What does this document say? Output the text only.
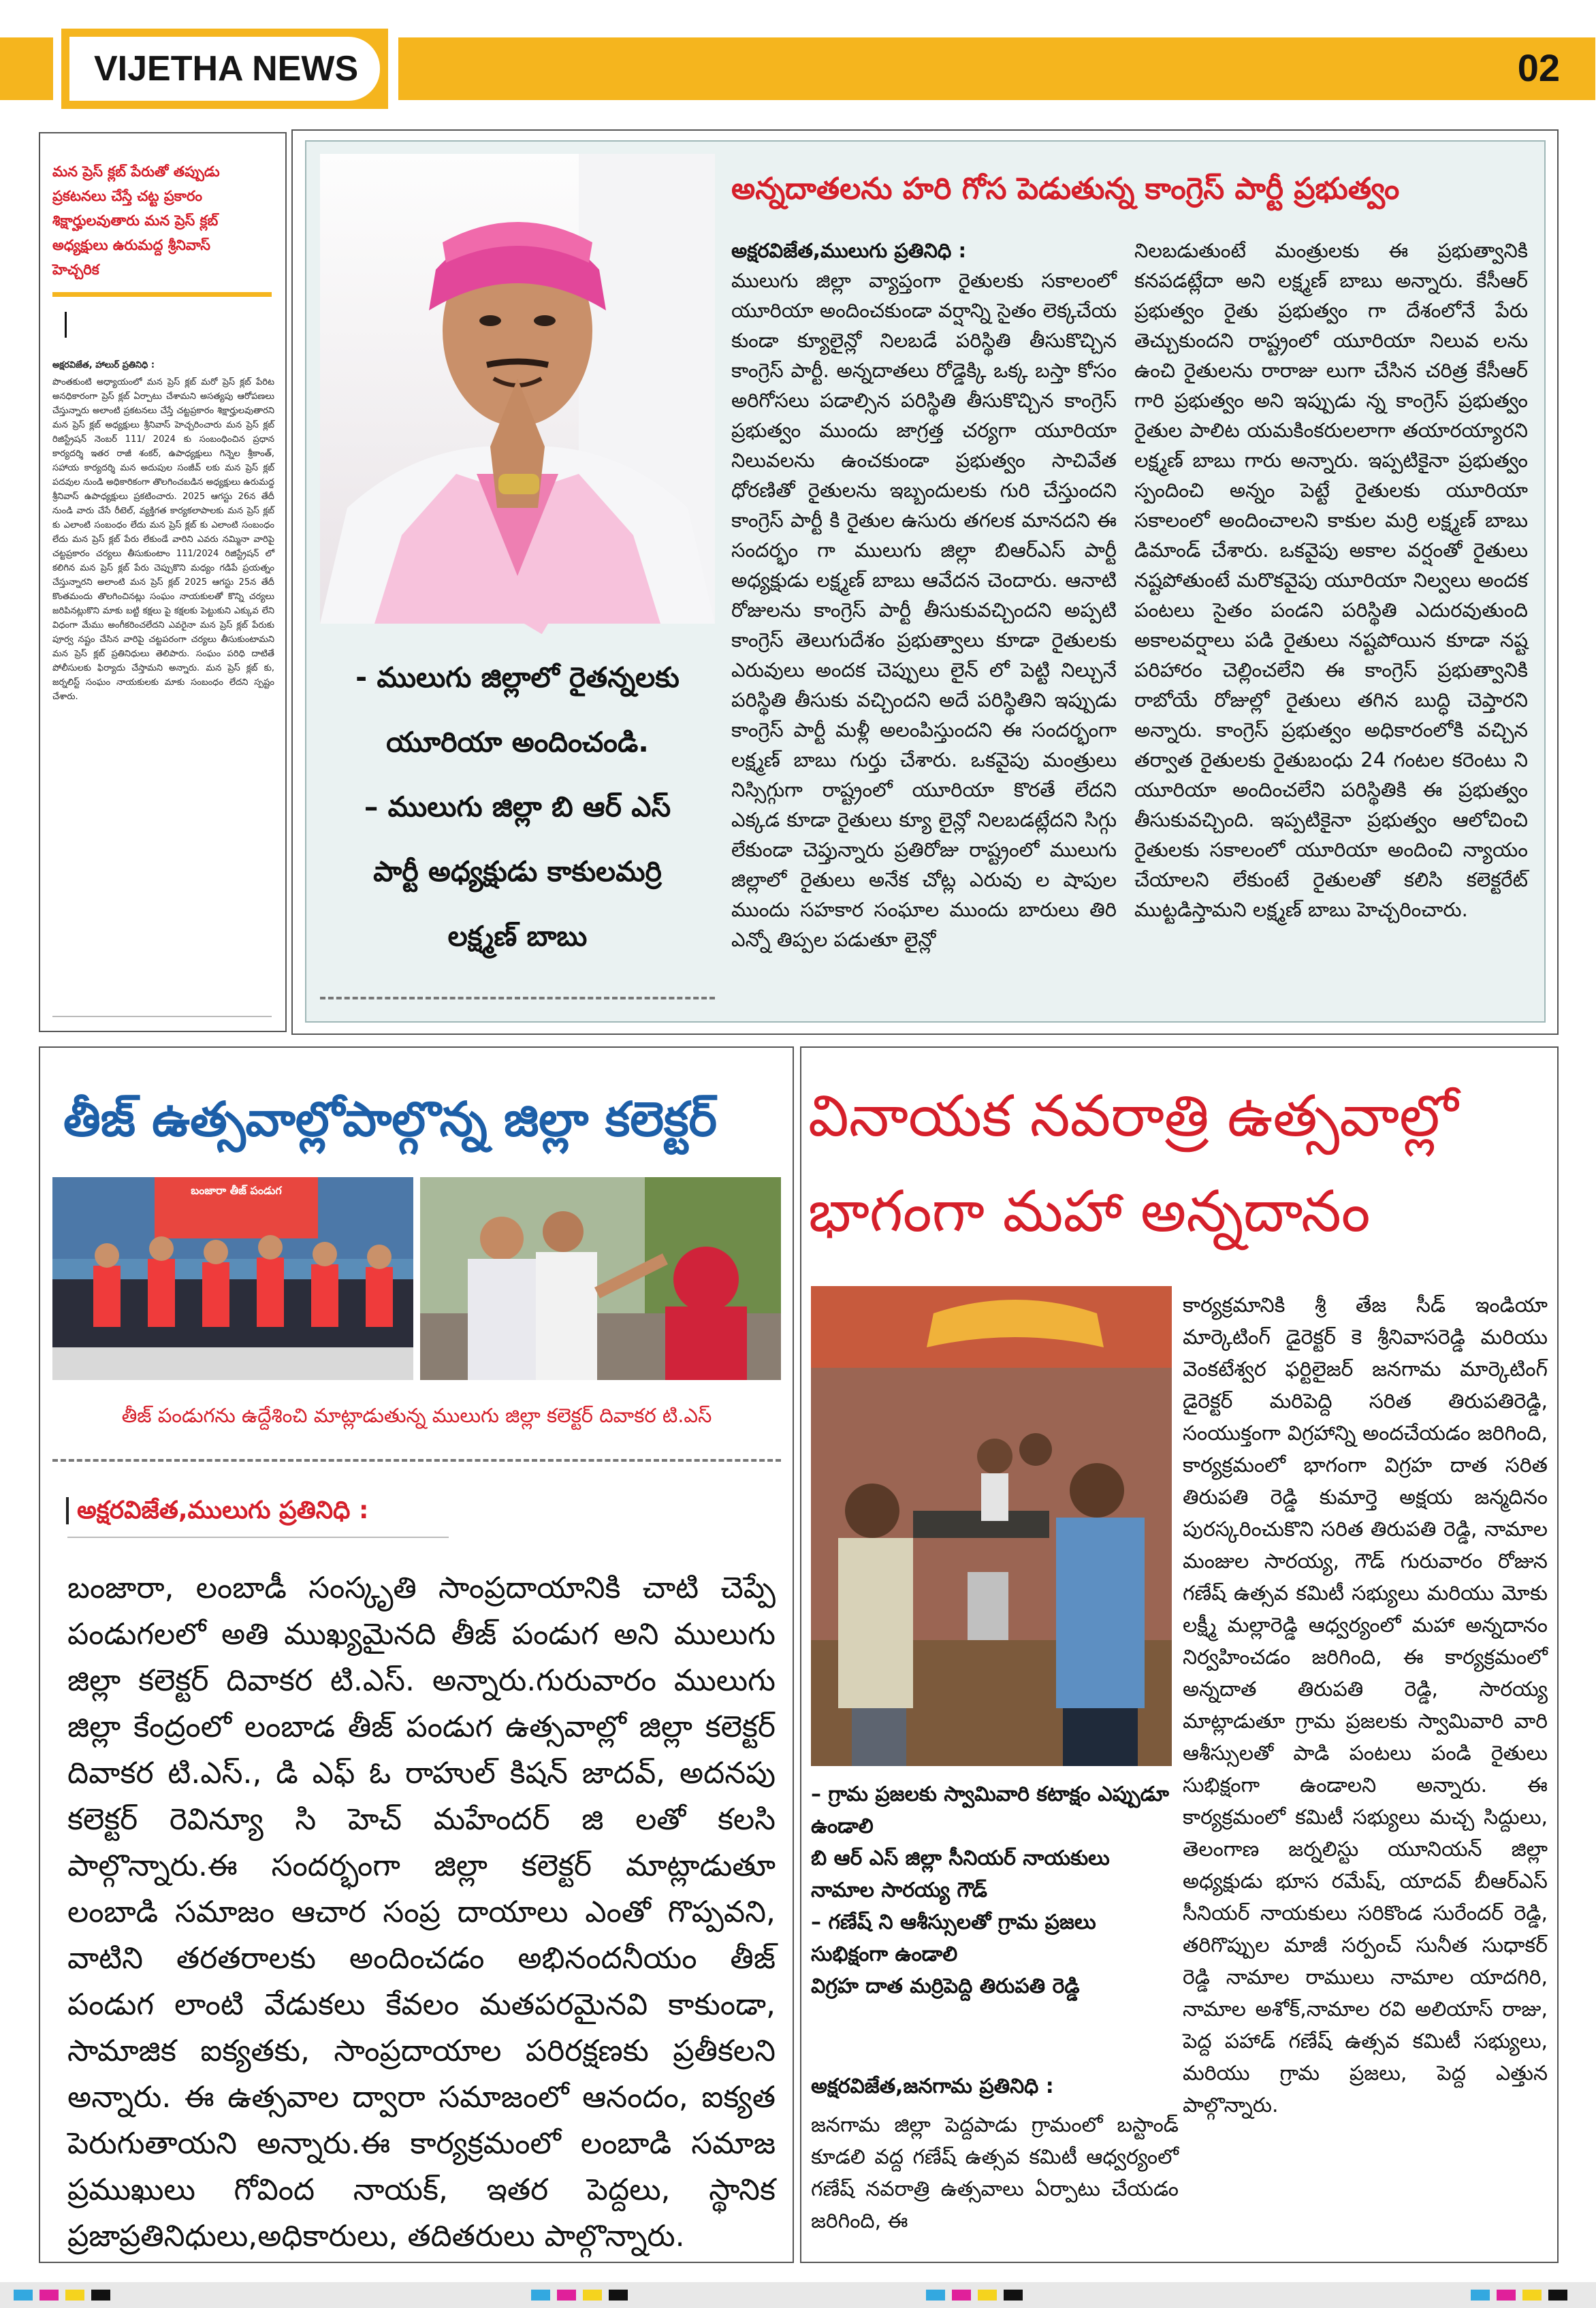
VIJETHA NEWS	02
మన ప్రెస్ క్లబ్ పేరుతో తప్పుడు ప్రకటనలు చేస్తే చట్ట ప్రకారం శిక్షార్హులవుతారు మన ప్రెస్ క్లబ్ అధ్యక్షులు ఉరుమద్ద శ్రీనివాస్ హెచ్చరిక
అక్షరవిజేత, హాలుర్ ప్రతినిధి :
పొంతకుంటి అధ్యాయంలో మన ప్రెస్ క్లబ్ మరో ప్రెస్ క్లబ్ పేరిట అనధికారంగా ప్రెస్ క్లబ్ ఏర్పాటు చేశామని అసత్యపు ఆరోపణలు చేస్తున్నారు అలాంటి ప్రకటనలు చేస్తే చట్టప్రకారం శిక్షార్హులవుతారని మన ప్రెస్ క్లబ్ అధ్యక్షులు శ్రీనివాస్ హెచ్చరించారు మన ప్రెస్ క్లబ్ రిజిస్ట్రేషన్ నెంబర్ 111/ 2024 కు సంబంధించిన ప్రధాన కార్యదర్శి ఇతర రాజీ శంకర్, ఉపాధ్యక్షులు గిన్నెల శ్రీకాంత్, సహాయ కార్యదర్శి మన అదుపుల సంజీవ్ లకు మన ప్రెస్ క్లబ్ పదవుల నుండి అధికారికంగా తొలగించబడిన అధ్యక్షులు ఉరుమద్ద శ్రీనివాస్ ఉపాధ్యక్షులు ప్రకటించారు. 2025 ఆగస్టు 26న తేదీ నుండి వారు చేసే రీటెల్, వ్యక్తిగత కార్యకలాపాలకు మన ప్రెస్ క్లబ్ కు ఎలాంటి సంబంధం లేదు మన ప్రెస్ క్లబ్ కు ఎలాంటి సంబంధం లేదు మన ప్రెస్ క్లబ్ పేరు లేకుండే వారిని ఎవరు నమ్మినా వారిపై చట్టప్రకారం చర్యలు తీసుకుంటాం 111/2024 రిజిస్ట్రేషన్ లో కలిగిన మన ప్రెస్ క్లబ్ పేరు చెప్పుకొని మధ్యం గడిపే ప్రయత్నం చేస్తున్నారని అలాంటి మన ప్రెస్ క్లబ్ 2025 ఆగస్టు 25న తేదీ కొంతమందు తొలగించినట్లు సంఘం నాయకులతో కొన్ని చర్యలు జరిపినట్లుకొని మాకు బట్టి కక్షలు పై కక్షలకు పెట్టుకుని ఎక్కువ లేని విధంగా మేము అంగీకరించలేదని ఎవరైనా మన ప్రెస్ క్లబ్ పేరుకు పూర్వ నష్టం చేసిన వారిపై చట్టపరంగా చర్యలు తీసుకుంటామని మన ప్రెస్ క్లబ్ ప్రతినిధులు తెలిపారు. సంఘం పరిధి దాటితే పోలీసులకు ఫిర్యాదు చేస్తామని అన్నారు. మన ప్రెస్ క్లబ్ కు, జర్నలిస్ట్ సంఘం నాయకులకు మాకు సంబంధం లేదని స్పష్టం చేశారు.
- ములుగు జిల్లాలో రైతన్నలకు
యూరియా అందించండి.
– ములుగు జిల్లా బి ఆర్ ఎస్
పార్టీ అధ్యక్షుడు కాకులమర్రి
లక్ష్మణ్ బాబు
అన్నదాతలను హరి గోస పెడుతున్న కాంగ్రెస్ పార్టీ ప్రభుత్వం
అక్షరవిజేత,ములుగు ప్రతినిధి :
ములుగు జిల్లా వ్యాప్తంగా రైతులకు సకాలంలో యూరియా అందించకుండా వర్షాన్ని సైతం లెక్కచేయ కుండా క్యూలైన్లో నిలబడే పరిస్థితి తీసుకొచ్చిన కాంగ్రెస్ పార్టీ. అన్నదాతలు రోడ్డెక్కి ఒక్క బస్తా కోసం అరిగోసలు పడాల్సిన పరిస్థితి తీసుకొచ్చిన కాంగ్రెస్ ప్రభుత్వం ముందు జాగ్రత్త చర్యగా యూరియా నిలువలను ఉంచకుండా ప్రభుత్వం సాచివేత ధోరణితో రైతులను ఇబ్బందులకు గురి చేస్తుందని కాంగ్రెస్ పార్టీ కి రైతుల ఉసురు తగలక మానదని ఈ సందర్భం గా ములుగు జిల్లా బిఆర్ఎస్ పార్టీ అధ్యక్షుడు లక్ష్మణ్ బాబు ఆవేదన చెందారు. ఆనాటి రోజులను కాంగ్రెస్ పార్టీ తీసుకువచ్చిందని అప్పటి కాంగ్రెస్ తెలుగుదేశం ప్రభుత్వాలు కూడా రైతులకు ఎరువులు అందక చెప్పులు లైన్ లో పెట్టి నిల్చునే పరిస్థితి తీసుకు వచ్చిందని అదే పరిస్థితిని ఇప్పుడు కాంగ్రెస్ పార్టీ మళ్లీ అలంపిస్తుందని ఈ సందర్భంగా లక్ష్మణ్ బాబు గుర్తు చేశారు. ఒకవైపు మంత్రులు నిస్సిగ్గుగా రాష్ట్రంలో యూరియా కొరతే లేదని ఎక్కడ కూడా రైతులు క్యూ లైన్లో నిలబడట్లేదని సిగ్గు లేకుండా చెప్తున్నారు ప్రతిరోజు రాష్ట్రంలో ములుగు జిల్లాలో రైతులు అనేక చోట్ల ఎరువు ల షాపుల ముందు సహకార సంఘాల ముందు బారులు తిరి ఎన్నో తిప్పల పడుతూ లైన్లో
నిలబడుతుంటే మంత్రులకు ఈ ప్రభుత్వానికి కనపడట్లేదా అని లక్ష్మణ్ బాబు అన్నారు. కేసీఆర్ ప్రభుత్వం రైతు ప్రభుత్వం గా దేశంలోనే పేరు తెచ్చుకుందని రాష్ట్రంలో యూరియా నిలువ లను ఉంచి రైతులను రారాజు లుగా చేసిన చరిత్ర కేసీఆర్ గారి ప్రభుత్వం అని ఇప్పుడు న్న కాంగ్రెస్ ప్రభుత్వం రైతుల పాలిట యమకింకరులలాగా తయారయ్యారని లక్ష్మణ్ బాబు గారు అన్నారు. ఇప్పటికైనా ప్రభుత్వం స్పందించి అన్నం పెట్టే రైతులకు యూరియా సకాలంలో అందించాలని కాకుల మర్రి లక్ష్మణ్ బాబు డిమాండ్ చేశారు. ఒకవైపు అకాల వర్షంతో రైతులు నష్టపోతుంటే మరొకవైపు యూరియా నిల్వలు అందక పంటలు సైతం పండని పరిస్థితి ఎదురవుతుంది అకాలవర్షాలు పడి రైతులు నష్టపోయిన కూడా నష్ట పరిహారం చెల్లించలేని ఈ కాంగ్రెస్ ప్రభుత్వానికి రాబోయే రోజుల్లో రైతులు తగిన బుద్ధి చెప్తారని అన్నారు. కాంగ్రెస్ ప్రభుత్వం అధికారంలోకి వచ్చిన తర్వాత రైతులకు రైతుబంధు 24 గంటల కరెంటు ని యూరియా అందించలేని పరిస్థితికి ఈ ప్రభుత్వం తీసుకువచ్చింది. ఇప్పటికైనా ప్రభుత్వం ఆలోచించి రైతులకు సకాలంలో యూరియా అందించి న్యాయం చేయాలని లేకుంటే రైతులతో కలిసి కలెక్టరేట్ ముట్టడిస్తామని లక్ష్మణ్ బాబు హెచ్చరించారు.
తీజ్ ఉత్సవాల్లోపాల్గొన్న జిల్లా కలెక్టర్
బంజారా తీజ్ పండుగ
తీజ్ పండుగను ఉద్దేశించి మాట్లాడుతున్న ములుగు జిల్లా కలెక్టర్ దివాకర టి.ఎస్
అక్షరవిజేత,ములుగు ప్రతినిధి :
బంజారా, లంబాడీ సంస్కృతి సాంప్రదాయానికి చాటి చెప్పే పండుగలలో అతి ముఖ్యమైనది తీజ్ పండుగ అని ములుగు జిల్లా కలెక్టర్ దివాకర టి.ఎస్. అన్నారు.గురువారం ములుగు జిల్లా కేంద్రంలో లంబాడ తీజ్ పండుగ ఉత్సవాల్లో జిల్లా కలెక్టర్ దివాకర టి.ఎస్., డి ఎఫ్ ఓ రాహుల్ కిషన్ జాదవ్, అదనపు కలెక్టర్ రెవిన్యూ సి హెచ్ మహేందర్ జి లతో కలసి పాల్గొన్నారు.ఈ సందర్భంగా జిల్లా కలెక్టర్ మాట్లాడుతూ లంబాడి సమాజం ఆచార సంప్ర దాయాలు ఎంతో గొప్పవని, వాటిని తరతరాలకు అందించడం అభినందనీయం తీజ్ పండుగ లాంటి వేడుకలు కేవలం మతపరమైనవి కాకుండా, సామాజిక ఐక్యతకు, సాంప్రదాయాల పరిరక్షణకు ప్రతీకలని అన్నారు. ఈ ఉత్సవాల ద్వారా సమాజంలో ఆనందం, ఐక్యత పెరుగుతాయని అన్నారు.ఈ కార్యక్రమంలో లంబాడి సమాజ ప్రముఖులు గోవింద నాయక్, ఇతర పెద్దలు, స్థానిక ప్రజాప్రతినిధులు,అధికారులు, తదితరులు పాల్గొన్నారు.
వినాయక నవరాత్రి ఉత్సవాల్లో
భాగంగా మహా అన్నదానం
– గ్రామ ప్రజలకు స్వామివారి కటాక్షం ఎప్పుడూ ఉండాలి
బి ఆర్ ఎస్ జిల్లా సీనియర్ నాయకులు నామాల సారయ్య గౌడ్
– గణేష్ ని ఆశీస్సులతో గ్రామ ప్రజలు సుభిక్షంగా ఉండాలి
విగ్రహ దాత మర్రిపెద్ది తిరుపతి రెడ్డి
అక్షరవిజేత,జనగామ ప్రతినిధి :
జనగామ జిల్లా పెద్దపాడు గ్రామంలో బస్టాండ్ కూడలి వద్ద గణేష్ ఉత్సవ కమిటీ ఆధ్వర్యంలో గణేష్ నవరాత్రి ఉత్సవాలు ఏర్పాటు చేయడం జరిగింది, ఈ
కార్యక్రమానికి శ్రీ తేజ సీడ్ ఇండియా మార్కెటింగ్ డైరెక్టర్ కె శ్రీనివాసరెడ్డి మరియు వెంకటేశ్వర ఫర్టిలైజర్ జనగామ మార్కెటింగ్ డైరెక్టర్ మరిపెద్ది సరిత తిరుపతిరెడ్డి, సంయుక్తంగా విగ్రహాన్ని అందచేయడం జరిగింది, కార్యక్రమంలో భాగంగా విగ్రహ దాత సరిత తిరుపతి రెడ్డి కుమార్తె అక్షయ జన్మదినం పురస్కరించుకొని సరిత తిరుపతి రెడ్డి, నామాల మంజుల సారయ్య, గౌడ్ గురువారం రోజున గణేష్ ఉత్సవ కమిటీ సభ్యులు మరియు మోకు లక్ష్మీ మల్లారెడ్డి ఆధ్వర్యంలో మహా అన్నదానం నిర్వహించడం జరిగింది, ఈ కార్యక్రమంలో అన్నదాత తిరుపతి రెడ్డి, సారయ్య మాట్లాడుతూ గ్రామ ప్రజలకు స్వామివారి వారి ఆశీస్సులతో పాడి పంటలు పండి రైతులు సుభిక్షంగా ఉండాలని అన్నారు. ఈ కార్యక్రమంలో కమిటీ సభ్యులు మచ్చ సిద్దులు, తెలంగాణ జర్నలిస్టు యూనియన్ జిల్లా అధ్యక్షుడు భూస రమేష్, యాదవ్ బీఆర్ఎస్ సీనియర్ నాయకులు సరికొండ సురేందర్ రెడ్డి, తరిగొప్పుల మాజీ సర్పంచ్ సునీత సుధాకర్ రెడ్డి నామాల రాములు నామాల యాదగిరి, నామాల అశోక్,నామాల రవి అలియాస్ రాజు, పెద్ద పహాడ్ గణేష్ ఉత్సవ కమిటీ సభ్యులు, మరియు గ్రామ ప్రజలు, పెద్ద ఎత్తున పాల్గొన్నారు.
